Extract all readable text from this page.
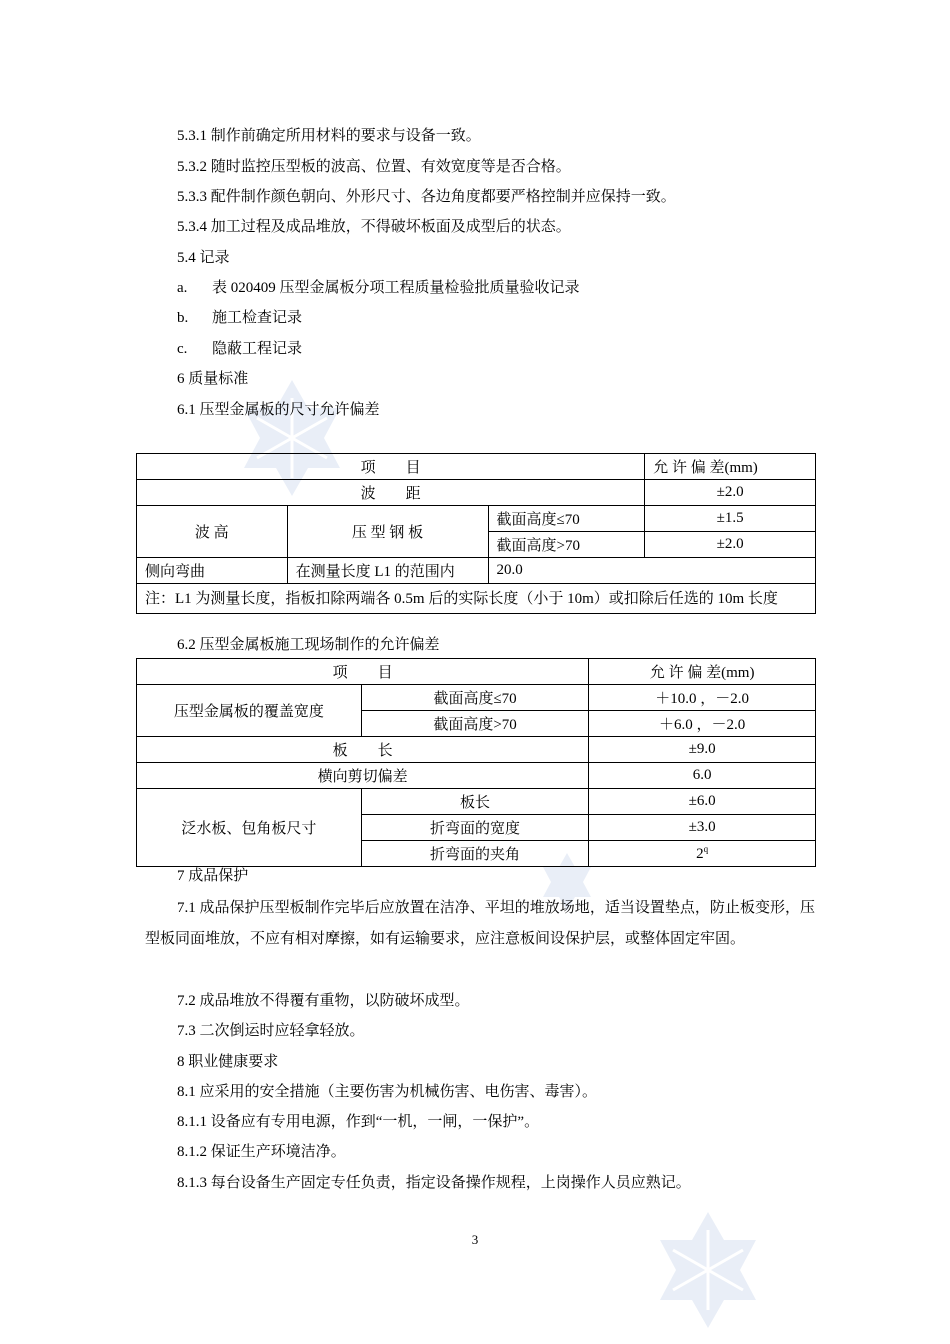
5.3.1 制作前确定所用材料的要求与设备一致。
5.3.2 随时监控压型板的波高、位置、有效宽度等是否合格。
5.3.3 配件制作颜色朝向、外形尺寸、各边角度都要严格控制并应保持一致。
5.3.4 加工过程及成品堆放，不得破坏板面及成型后的状态。
5.4 记录
a. 表 020409 压型金属板分项工程质量检验批质量验收记录
b. 施工检查记录
c. 隐蔽工程记录
6 质量标准
6.1 压型金属板的尺寸允许偏差
项　　目			允 许 偏 差(mm)
波　　距			±2.0
波 高	压 型 钢 板	截面高度≤70	±1.5
		截面高度>70	±2.0
侧向弯曲	在测量长度 L1 的范围内	20.0	
注：L1 为测量长度，指板扣除两端各 0.5m 后的实际长度（小于 10m）或扣除后任选的 10m 长度			
6.2 压型金属板施工现场制作的允许偏差
项　　目		允 许 偏 差(mm)
压型金属板的覆盖宽度	截面高度≤70	＋10.0 ，－2.0
	截面高度>70	＋6.0 ，－2.0
板　　长		±9.0
横向剪切偏差		6.0
泛水板、包角板尺寸	板长	±6.0
	折弯面的宽度	±3.0
	折弯面的夹角	2$^q$
7 成品保护
7.1 成品保护压型板制作完毕后应放置在洁净、平坦的堆放场地，适当设置垫点，防止板变形，压型板同面堆放，不应有相对摩擦，如有运输要求，应注意板间设保护层，或整体固定牢固。
7.2 成品堆放不得覆有重物，以防破坏成型。
7.3 二次倒运时应轻拿轻放。
8 职业健康要求
8.1 应采用的安全措施（主要伤害为机械伤害、电伤害、毒害）。
8.1.1 设备应有专用电源，作到“一机，一闸，一保护”。
8.1.2 保证生产环境洁净。
8.1.3 每台设备生产固定专任负责，指定设备操作规程，上岗操作人员应熟记。
3
